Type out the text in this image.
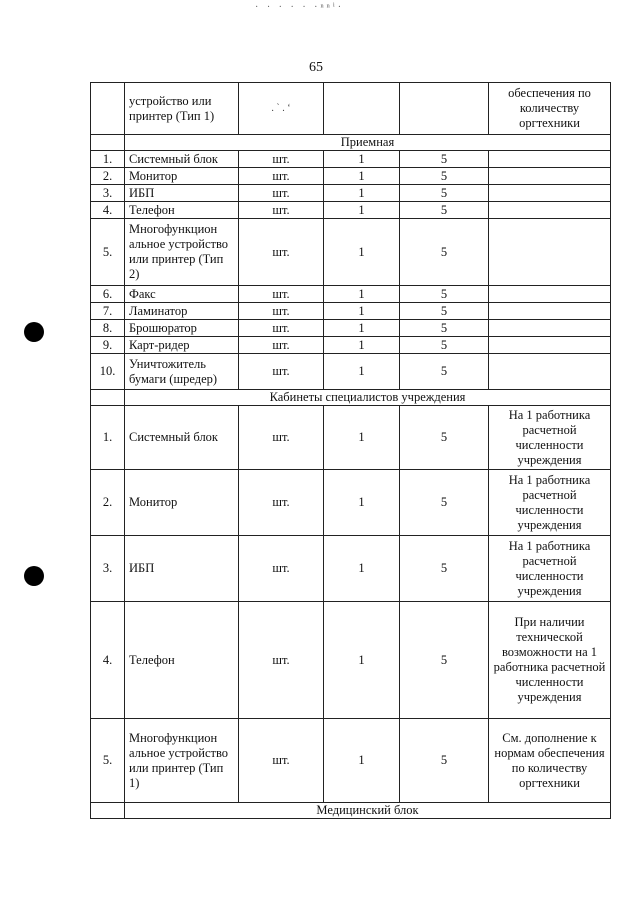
· · · · · ·ⁿⁿⁱ·
65
	устройство или принтер (Тип 1)	. ` . ‘			обеспечения по количеству оргтехники
	Приемная				
1.	Системный блок	шт.	1	5	
2.	Монитор	шт.	1	5	
3.	ИБП	шт.	1	5	
4.	Телефон	шт.	1	5	
5.	Многофункцион альное устройство или принтер (Тип 2)	шт.	1	5	
6.	Факс	шт.	1	5	
7.	Ламинатор	шт.	1	5	
8.	Брошюратор	шт.	1	5	
9.	Карт-ридер	шт.	1	5	
10.	Уничтожитель бумаги (шредер)	шт.	1	5	
	Кабинеты специалистов учреждения				
1.	Системный блок	шт.	1	5	На 1 работника расчетной численности учреждения
2.	Монитор	шт.	1	5	На 1 работника расчетной численности учреждения
3.	ИБП	шт.	1	5	На 1 работника расчетной численности учреждения
4.	Телефон	шт.	1	5	При наличии технической возможности на 1 работника расчетной численности учреждения
5.	Многофункцион альное устройство или принтер (Тип 1)	шт.	1	5	См. дополнение к нормам обеспечения по количеству оргтехники
	Медицинский блок				
